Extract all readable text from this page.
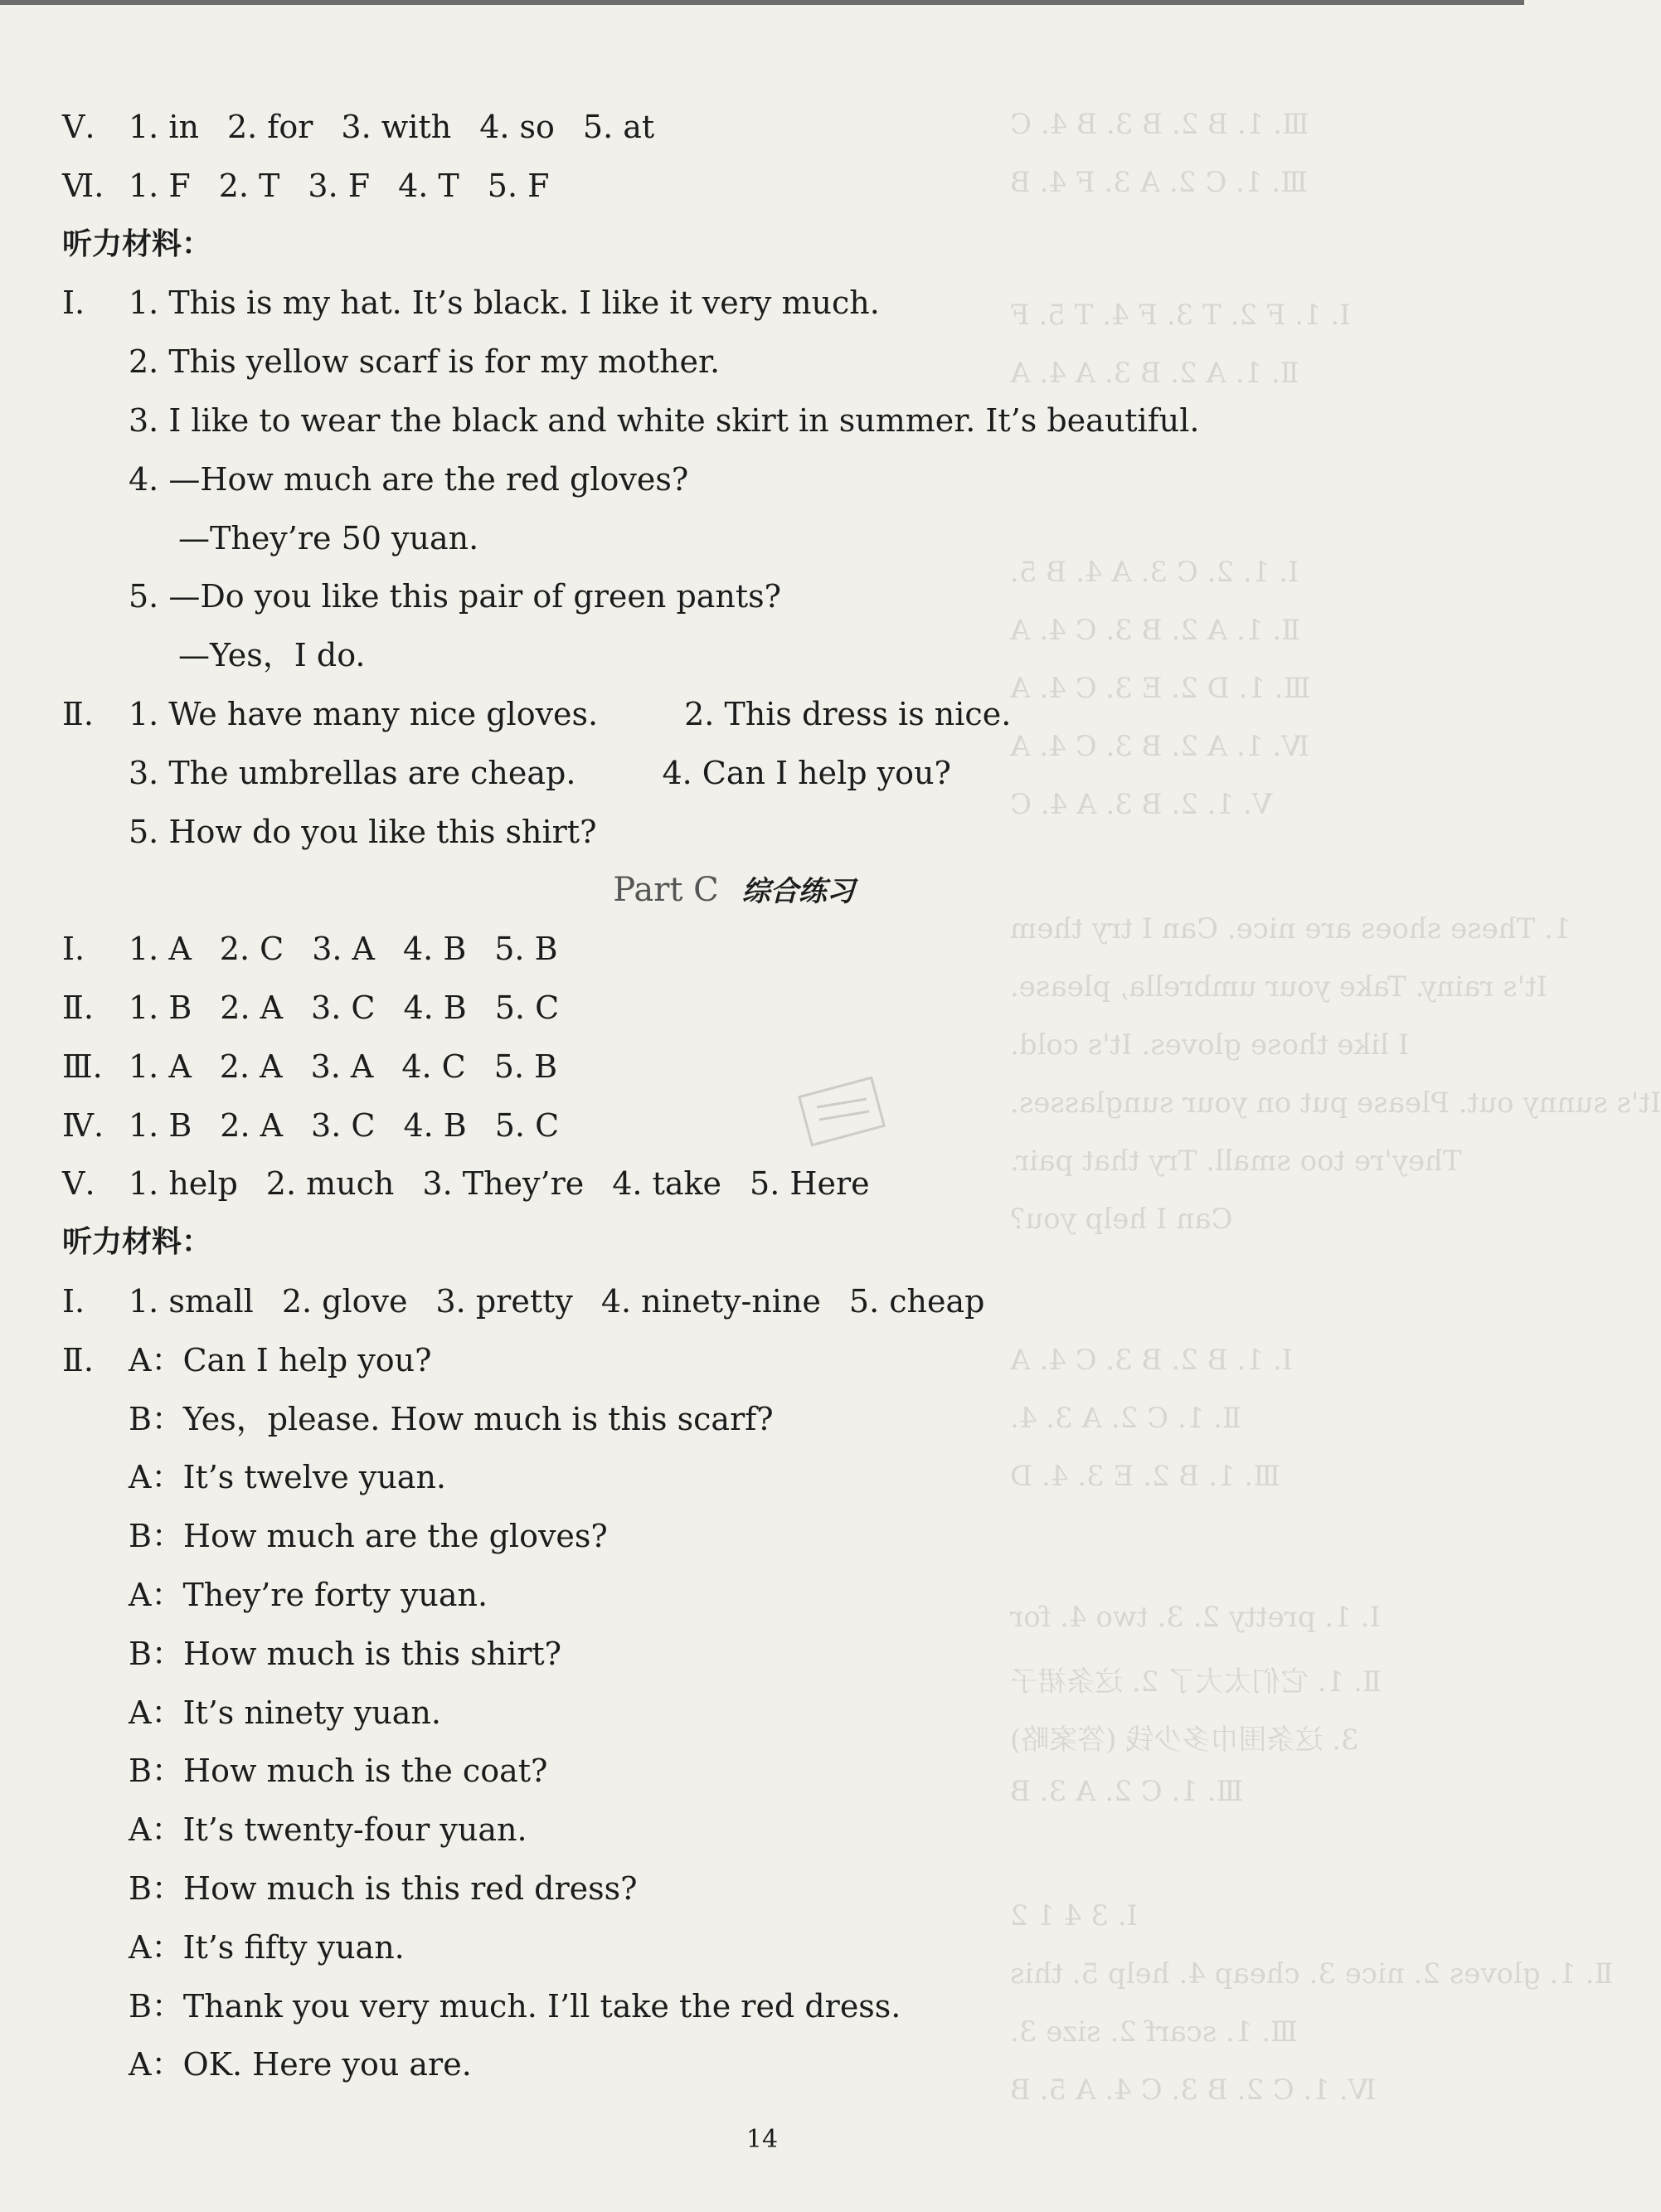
Ⅲ. 1. B 2. B 3. B 4. C
Ⅲ. 1. C 2. A 3. F 4. B
I. 1. F 2. T 3. F 4. T 5. F
Ⅱ. 1. A 2. B 3. A 4. A
I. 1. 2. C 3. A 4. B 5.
Ⅱ. 1. A 2. B 3. C 4. A
Ⅲ. 1. D 2. E 3. C 4. A
Ⅳ. 1. A 2. B 3. C 4. A
Ⅴ. 1. 2. B 3. A 4. C
1. These shoes are nice. Can I try them
It's rainy. Take your umbrella, please.
I like those gloves. It's cold.
It's sunny out. Please put on your sunglasses.
They're too small. Try that pair.
Can I help you?
I. 1. B 2. B 3. C 4. A
Ⅱ. 1. C 2. A 3. 4.
Ⅲ. 1. B 2. E 3. 4. D
I. 1. pretty 2. 3. two 4. for
Ⅱ. 1. 它们太大了 2. 这条裙子
3. 这条围巾多少钱 (答案略)
Ⅲ. 1. C 2. A 3. B
I. 3 4 1 2
Ⅱ. 1. gloves 2. nice 3. cheap 4. help 5. this
Ⅲ. 1. scarf 2. size 3.
Ⅳ. 1. C 2. B 3. C 4. A 5. B
Ⅴ. 1. in 2. for 3. with 4. so 5. at
Ⅵ. 1. F 2. T 3. F 4. T 5. F
听力材料：
Ⅰ. 1. This is my hat. It’s black. I like it very much.
2. This yellow scarf is for my mother.
3. I like to wear the black and white skirt in summer. It’s beautiful.
4. —How much are the red gloves?
—They’re 50 yuan.
5. —Do you like this pair of green pants?
—Yes，I do.
Ⅱ. 1. We have many nice gloves.	2. This dress is nice.
3. The umbrellas are cheap.	4. Can I help you?
5. How do you like this shirt?
Part C 综合练习
Ⅰ. 1. A 2. C 3. A 4. B 5. B
Ⅱ. 1. B 2. A 3. C 4. B 5. C
Ⅲ. 1. A 2. A 3. A 4. C 5. B
Ⅳ. 1. B 2. A 3. C 4. B 5. C
Ⅴ. 1. help 2. much 3. They’re 4. take 5. Here
听力材料：
Ⅰ. 1. small 2. glove 3. pretty 4. ninety-nine 5. cheap
Ⅱ. A：Can I help you?
B：Yes，please. How much is this scarf?
A：It’s twelve yuan.
B：How much are the gloves?
A：They’re forty yuan.
B：How much is this shirt?
A：It’s ninety yuan.
B：How much is the coat?
A：It’s twenty-four yuan.
B：How much is this red dress?
A：It’s fifty yuan.
B：Thank you very much. I’ll take the red dress.
A：OK. Here you are.
14
